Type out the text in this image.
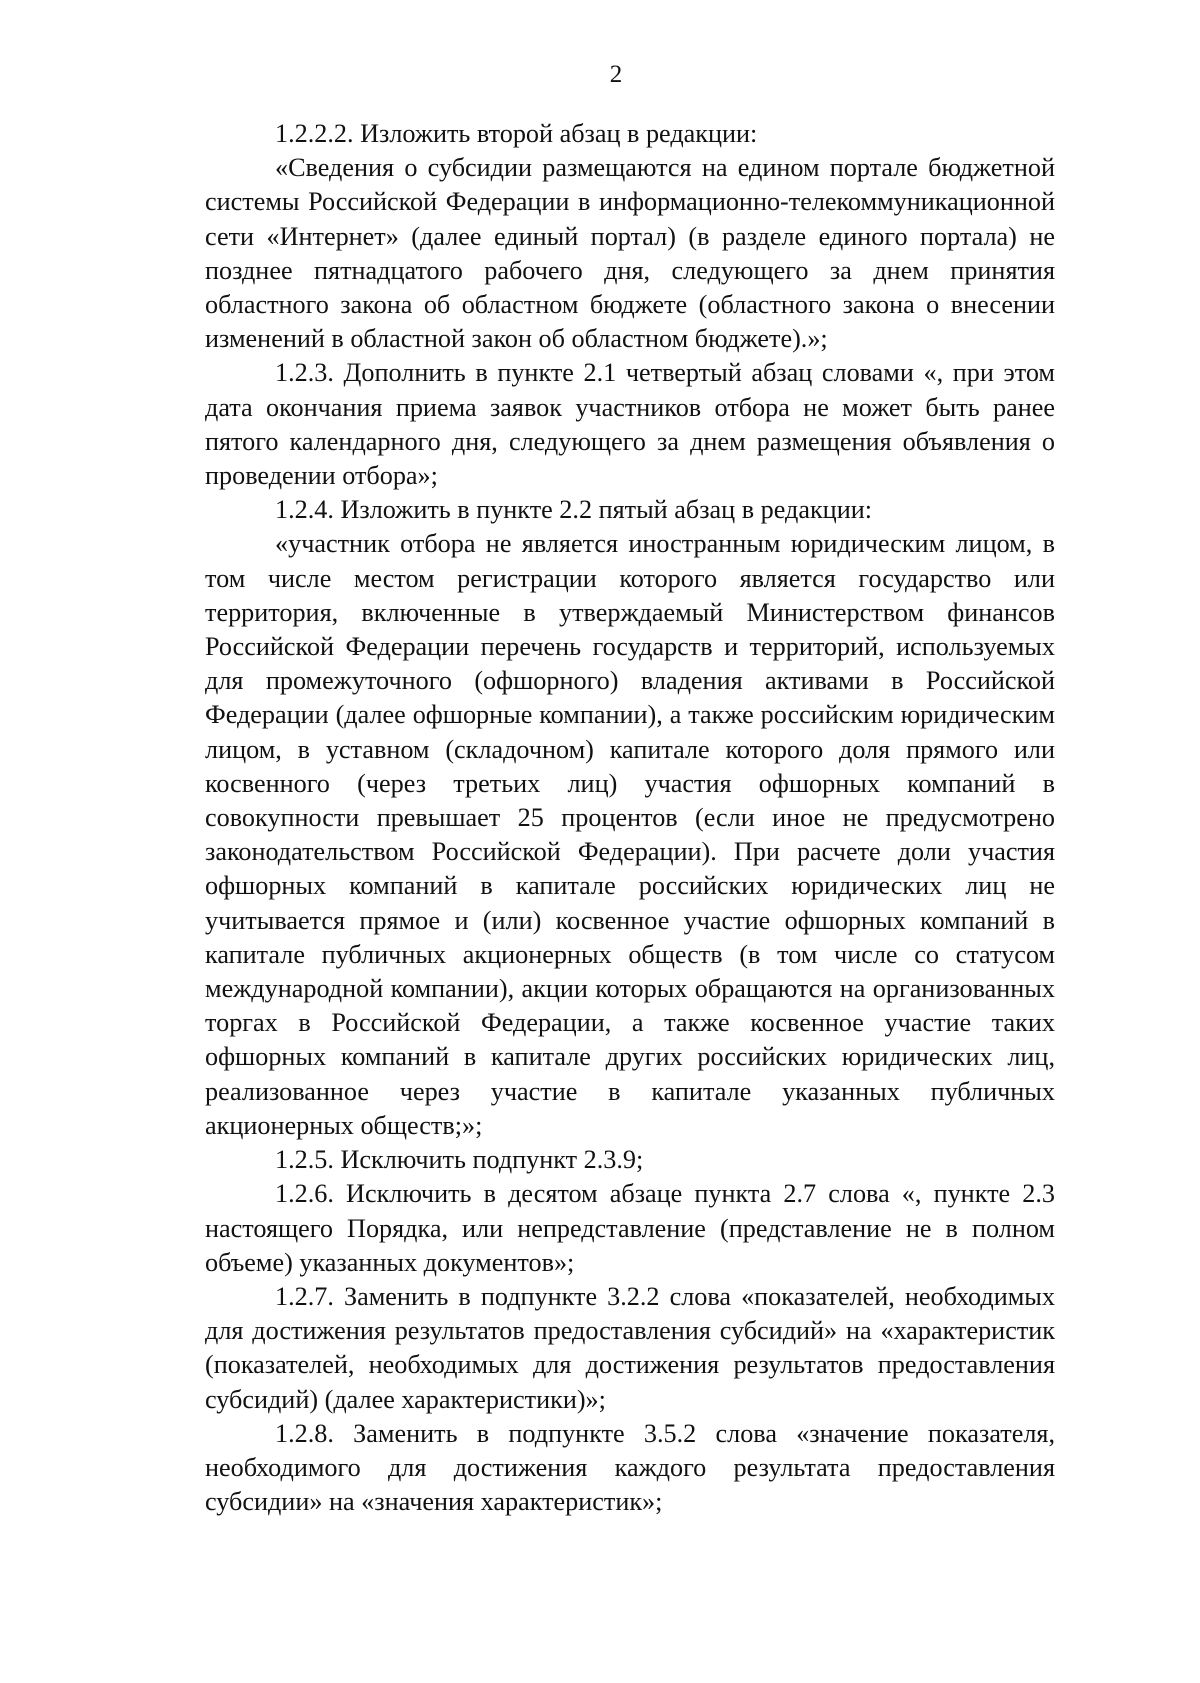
2

1.2.2.2. Изложить второй абзац в редакции:

«Сведения о субсидии размещаются на едином портале бюджетной системы Российской Федерации в информационно-телекоммуникационной сети «Интернет» (далее единый портал) (в разделе единого портала) не позднее пятнадцатого рабочего дня, следующего за днем принятия областного закона об областном бюджете (областного закона о внесении изменений в областной закон об областном бюджете).»;

1.2.3. Дополнить в пункте 2.1 четвертый абзац словами «, при этом дата окончания приема заявок участников отбора не может быть ранее пятого календарного дня, следующего за днем размещения объявления о проведении отбора»;

1.2.4. Изложить в пункте 2.2 пятый абзац в редакции:

«участник отбора не является иностранным юридическим лицом, в том числе местом регистрации которого является государство или территория, включенные в утверждаемый Министерством финансов Российской Федерации перечень государств и территорий, используемых для промежуточного (офшорного) владения активами в Российской Федерации (далее офшорные компании), а также российским юридическим лицом, в уставном (складочном) капитале которого доля прямого или косвенного (через третьих лиц) участия офшорных компаний в совокупности превышает 25 процентов (если иное не предусмотрено законодательством Российской Федерации). При расчете доли участия офшорных компаний в капитале российских юридических лиц не учитывается прямое и (или) косвенное участие офшорных компаний в капитале публичных акционерных обществ (в том числе со статусом международной компании), акции которых обращаются на организованных торгах в Российской Федерации, а также косвенное участие таких офшорных компаний в капитале других российских юридических лиц, реализованное через участие в капитале указанных публичных акционерных обществ;»;

1.2.5. Исключить подпункт 2.3.9;

1.2.6. Исключить в десятом абзаце пункта 2.7 слова «, пункте 2.3 настоящего Порядка, или непредставление (представление не в полном объеме) указанных документов»;

1.2.7. Заменить в подпункте 3.2.2 слова «показателей, необходимых для достижения результатов предоставления субсидий» на «характеристик (показателей, необходимых для достижения результатов предоставления субсидий) (далее характеристики)»;

1.2.8. Заменить в подпункте 3.5.2 слова «значение показателя, необходимого для достижения каждого результата предоставления субсидии» на «значения характеристик»;
